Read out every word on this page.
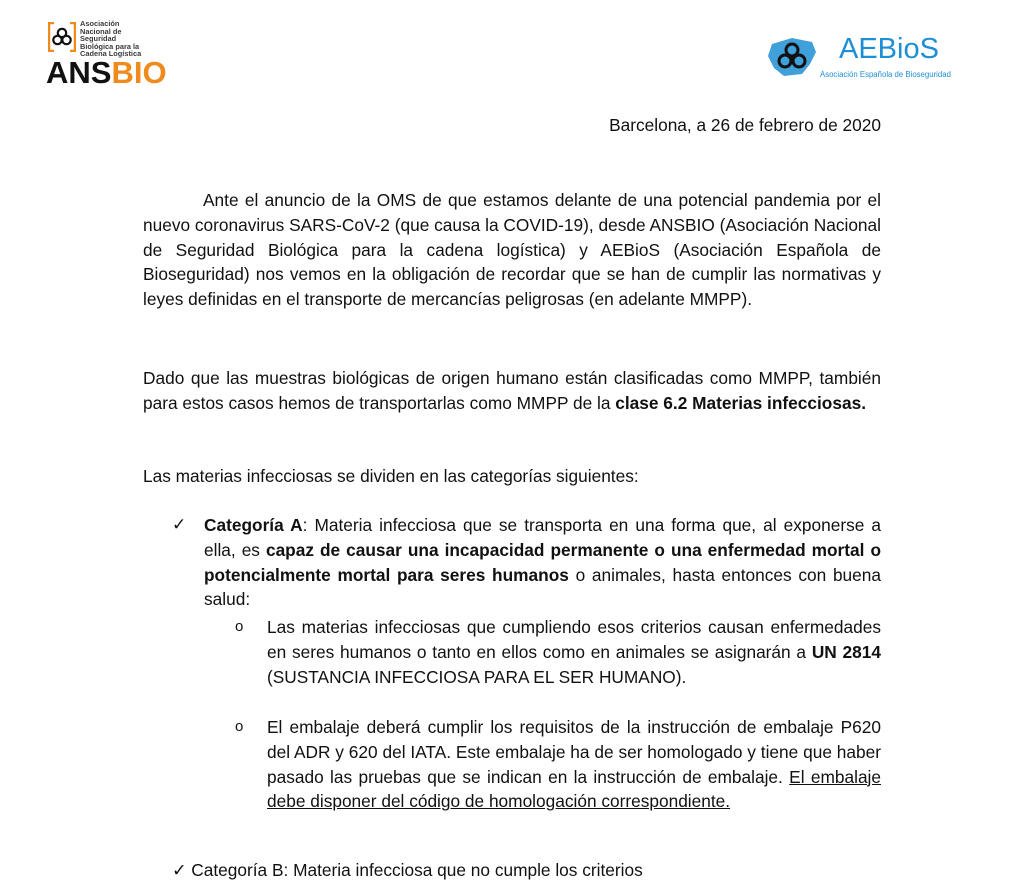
Asociación
Nacional de
Seguridad
Biológica para la
Cadena Logística
ANSBIO
AEBioS
Asociación Española de Bioseguridad
Barcelona, a 26 de febrero de 2020
Ante el anuncio de la OMS de que estamos delante de una potencial pandemia por el nuevo coronavirus SARS-CoV-2 (que causa la COVID-19), desde ANSBIO (Asociación Nacional de Seguridad Biológica para la cadena logística) y AEBioS (Asociación Española de Bioseguridad) nos vemos en la obligación de recordar que se han de cumplir las normativas y leyes definidas en el transporte de mercancías peligrosas (en adelante MMPP).
Dado que las muestras biológicas de origen humano están clasificadas como MMPP, también para estos casos hemos de transportarlas como MMPP de la clase 6.2 Materias infecciosas.
Las materias infecciosas se dividen en las categorías siguientes:
✓ Categoría A: Materia infecciosa que se transporta en una forma que, al exponerse a ella, es capaz de causar una incapacidad permanente o una enfermedad mortal o potencialmente mortal para seres humanos o animales, hasta entonces con buena salud:
o Las materias infecciosas que cumpliendo esos criterios causan enfermedades en seres humanos o tanto en ellos como en animales se asignarán a UN 2814 (SUSTANCIA INFECCIOSA PARA EL SER HUMANO).
o El embalaje deberá cumplir los requisitos de la instrucción de embalaje P620 del ADR y 620 del IATA. Este embalaje ha de ser homologado y tiene que haber pasado las pruebas que se indican en la instrucción de embalaje. El embalaje debe disponer del código de homologación correspondiente.
✓ Categoría B: Materia infecciosa que no cumple los criterios
